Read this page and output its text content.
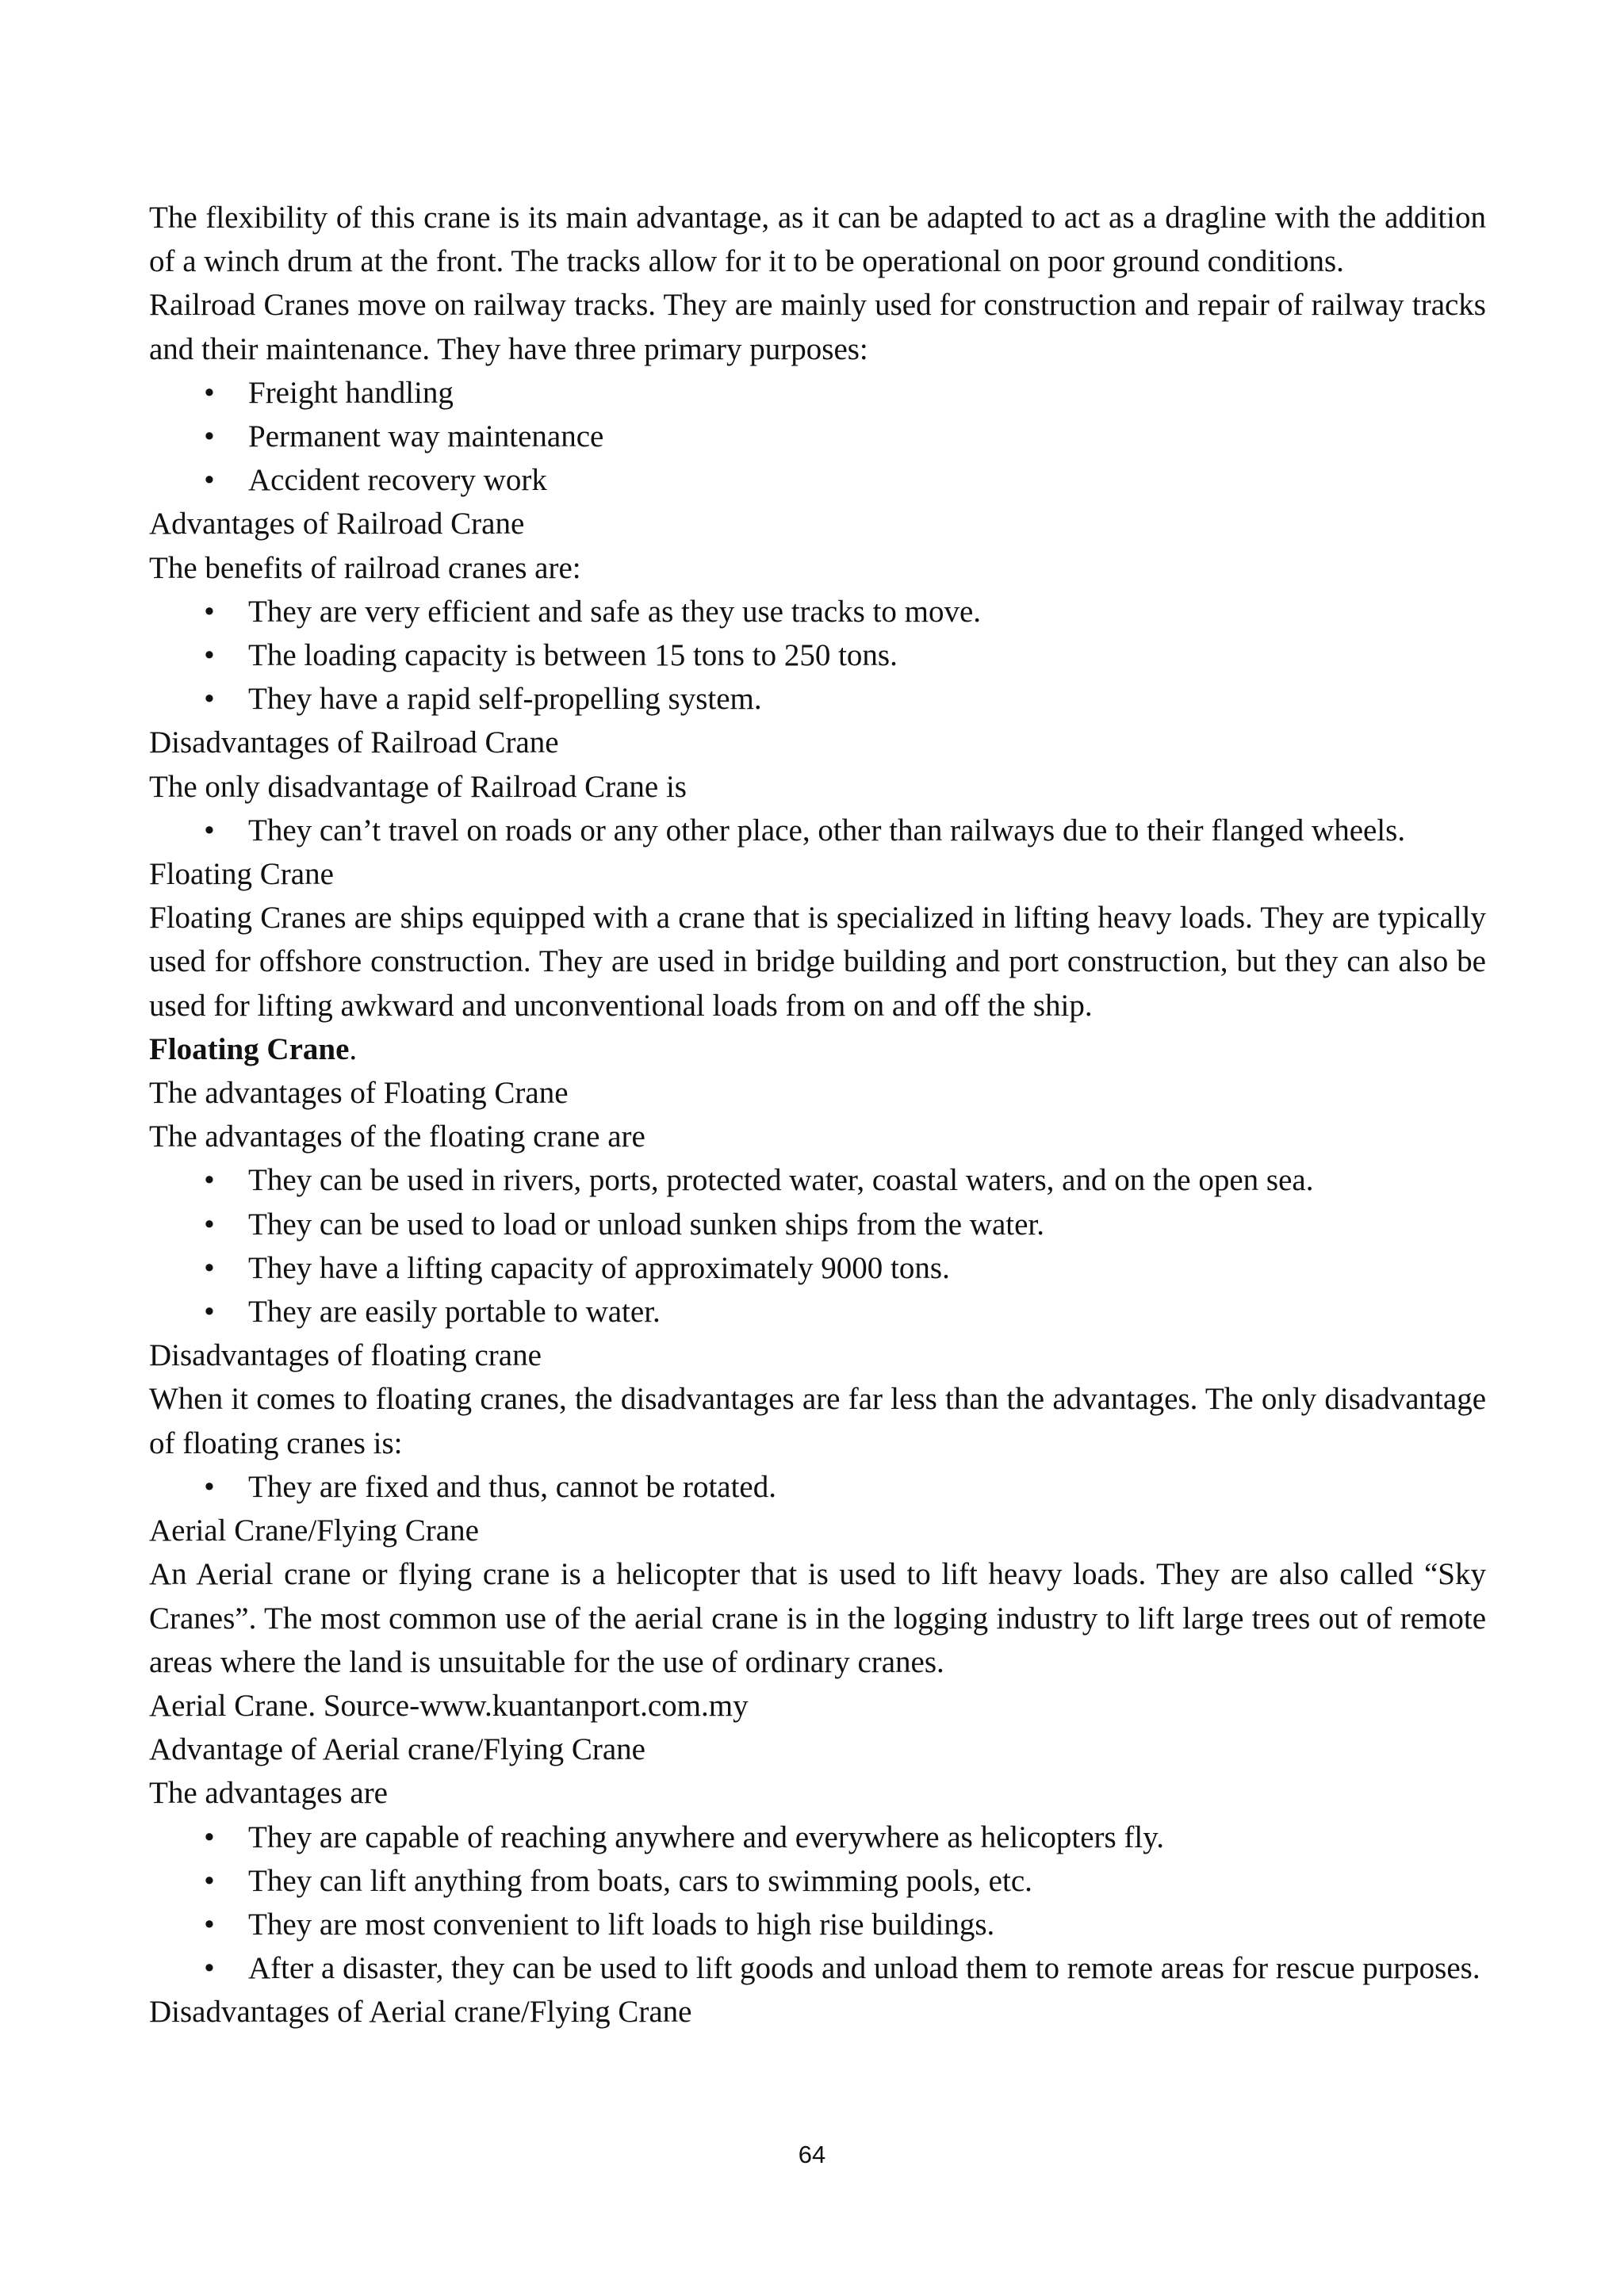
The flexibility of this crane is its main advantage, as it can be adapted to act as a dragline with the addition of a winch drum at the front. The tracks allow for it to be operational on poor ground conditions.

Railroad Cranes move on railway tracks. They are mainly used for construction and repair of railway tracks and their maintenance. They have three primary purposes:

• Freight handling
• Permanent way maintenance
• Accident recovery work

Advantages of Railroad Crane

The benefits of railroad cranes are:

• They are very efficient and safe as they use tracks to move.
• The loading capacity is between 15 tons to 250 tons.
• They have a rapid self-propelling system.

Disadvantages of Railroad Crane

The only disadvantage of Railroad Crane is

• They can’t travel on roads or any other place, other than railways due to their flanged wheels.

Floating Crane

Floating Cranes are ships equipped with a crane that is specialized in lifting heavy loads. They are typically used for offshore construction. They are used in bridge building and port construction, but they can also be used for lifting awkward and unconventional loads from on and off the ship.

Floating Crane.

The advantages of Floating Crane

The advantages of the floating crane are

• They can be used in rivers, ports, protected water, coastal waters, and on the open sea.
• They can be used to load or unload sunken ships from the water.
• They have a lifting capacity of approximately 9000 tons.
• They are easily portable to water.

Disadvantages of floating crane

When it comes to floating cranes, the disadvantages are far less than the advantages. The only disadvantage of floating cranes is:

• They are fixed and thus, cannot be rotated.

Aerial Crane/Flying Crane

An Aerial crane or flying crane is a helicopter that is used to lift heavy loads. They are also called “Sky Cranes”. The most common use of the aerial crane is in the logging industry to lift large trees out of remote areas where the land is unsuitable for the use of ordinary cranes.

Aerial Crane. Source-www.kuantanport.com.my

Advantage of Aerial crane/Flying Crane

The advantages are

• They are capable of reaching anywhere and everywhere as helicopters fly.
• They can lift anything from boats, cars to swimming pools, etc.
• They are most convenient to lift loads to high rise buildings.
• After a disaster, they can be used to lift goods and unload them to remote areas for rescue purposes.

Disadvantages of Aerial crane/Flying Crane

64
